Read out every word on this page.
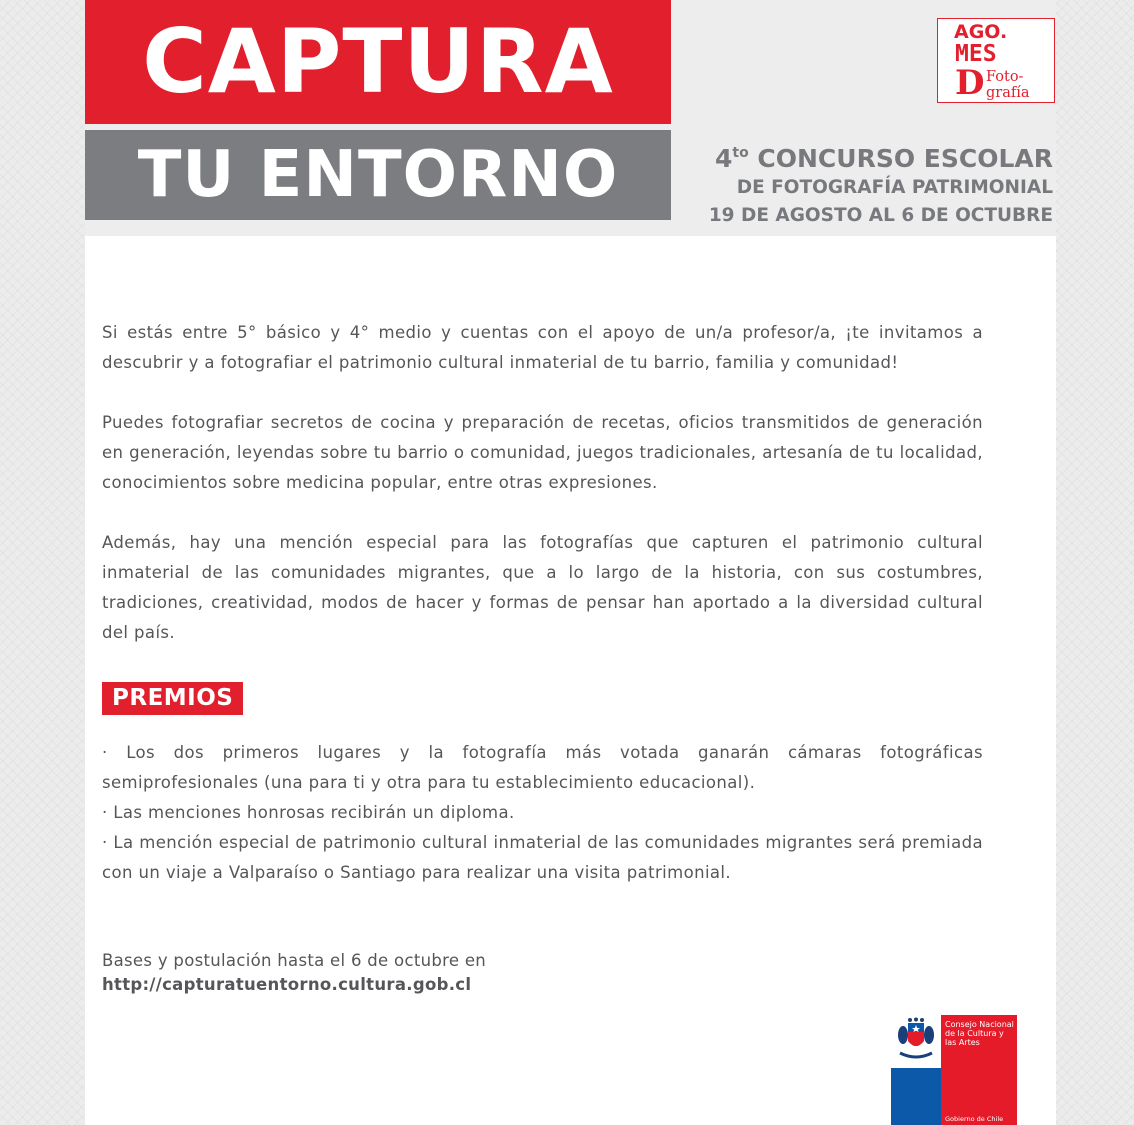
CAPTURA
TU ENTORNO	$4^{to}$ CONCURSO ESCOLAR
DE FOTOGRAFÍA PATRIMONIAL
19 DE AGOSTO AL 6 DE OCTUBRE
AGO.
MES
D Foto-
grafía

Si estás entre 5° básico y 4° medio y cuentas con el apoyo de un/a profesor/a, ¡te invitamos a descubrir y a fotografiar el patrimonio cultural inmaterial de tu barrio, familia y comunidad!

Puedes fotografiar secretos de cocina y preparación de recetas, oficios transmitidos de generación en generación, leyendas sobre tu barrio o comunidad, juegos tradicionales, artesanía de tu localidad, conocimientos sobre medicina popular, entre otras expresiones.

Además, hay una mención especial para las fotografías que capturen el patrimonio cultural inmaterial de las comunidades migrantes, que a lo largo de la historia, con sus costumbres, tradiciones, creatividad, modos de hacer y formas de pensar han aportado a la diversidad cultural del país.

PREMIOS

· Los dos primeros lugares y la fotografía más votada ganarán cámaras fotográficas semiprofesionales (una para ti y otra para tu establecimiento educacional).

· Las menciones honrosas recibirán un diploma.

· La mención especial de patrimonio cultural inmaterial de las comunidades migrantes será premiada con un viaje a Valparaíso o Santiago para realizar una visita patrimonial.

Bases y postulación hasta el 6 de octubre en
http://capturatuentorno.cultura.gob.cl
Consejo Nacional de la Cultura y las Artes
Gobierno de Chile
